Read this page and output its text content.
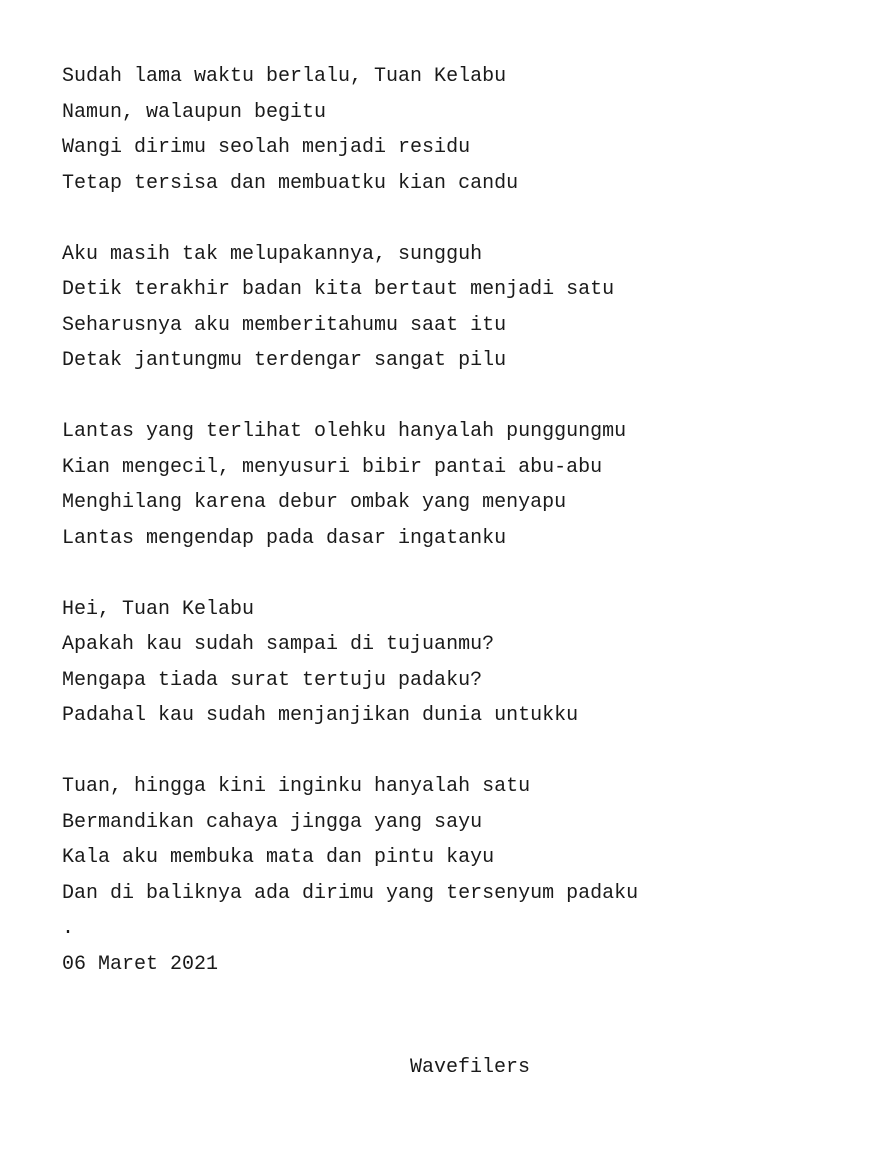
Sudah lama waktu berlalu, Tuan Kelabu
Namun, walaupun begitu
Wangi dirimu seolah menjadi residu
Tetap tersisa dan membuatku kian candu
Aku masih tak melupakannya, sungguh
Detik terakhir badan kita bertaut menjadi satu
Seharusnya aku memberitahumu saat itu
Detak jantungmu terdengar sangat pilu
Lantas yang terlihat olehku hanyalah punggungmu
Kian mengecil, menyusuri bibir pantai abu-abu
Menghilang karena debur ombak yang menyapu
Lantas mengendap pada dasar ingatanku
Hei, Tuan Kelabu
Apakah kau sudah sampai di tujuanmu?
Mengapa tiada surat tertuju padaku?
Padahal kau sudah menjanjikan dunia untukku
Tuan, hingga kini inginku hanyalah satu
Bermandikan cahaya jingga yang sayu
Kala aku membuka mata dan pintu kayu
Dan di baliknya ada dirimu yang tersenyum padaku
.
06 Maret 2021
Wavefilers
